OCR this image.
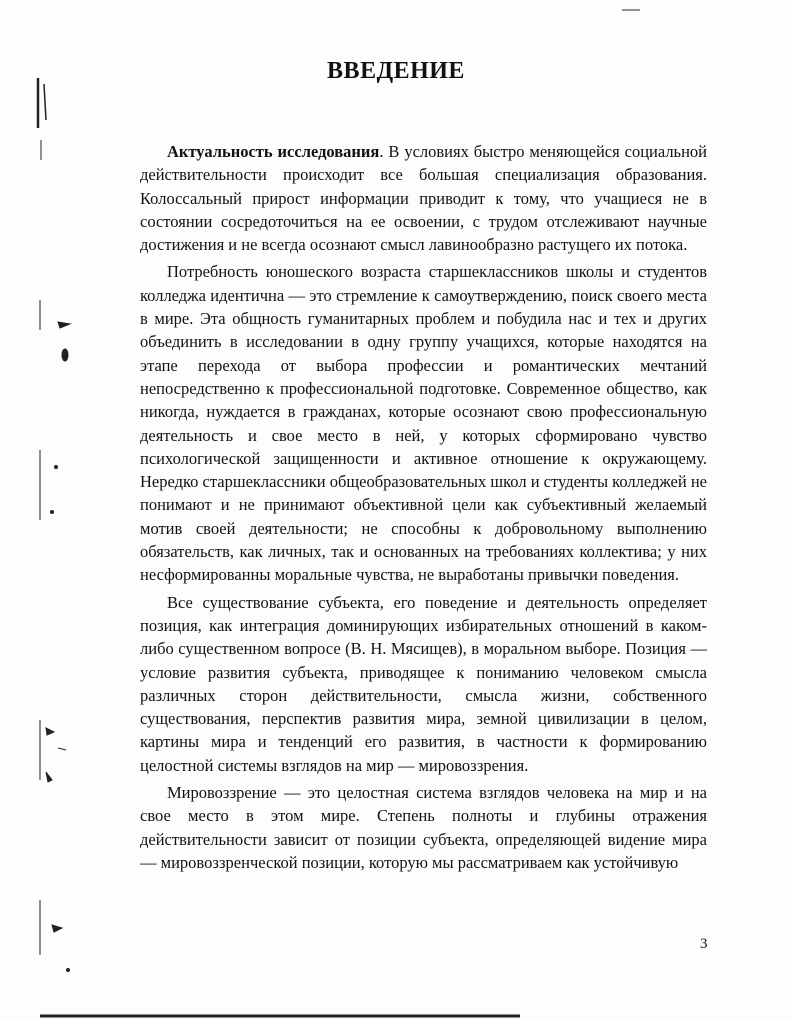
ВВЕДЕНИЕ

Актуальность исследования. В условиях быстро меняющейся социальной действительности происходит все большая специализация образования. Колоссальный прирост информации приводит к тому, что учащиеся не в состоянии сосредоточиться на ее освоении, с трудом отслеживают научные достижения и не всегда осознают смысл лавинообразно растущего их потока.

Потребность юношеского возраста старшеклассников школы и студентов колледжа идентична — это стремление к самоутверждению, поиск своего места в мире. Эта общность гуманитарных проблем и побудила нас и тех и других объединить в исследовании в одну группу учащихся, которые находятся на этапе перехода от выбора профессии и романтических мечтаний непосредственно к профессиональной подготовке. Современное общество, как никогда, нуждается в гражданах, которые осознают свою профессиональную деятельность и свое место в ней, у которых сформировано чувство психологической защищенности и активное отношение к окружающему. Нередко старшеклассники общеобразовательных школ и студенты колледжей не понимают и не принимают объективной цели как субъективный желаемый мотив своей деятельности; не способны к добровольному выполнению обязательств, как личных, так и основанных на требованиях коллектива; у них несформированны моральные чувства, не выработаны привычки поведения.

Все существование субъекта, его поведение и деятельность определяет позиция, как интеграция доминирующих избирательных отношений в каком-либо существенном вопросе (В. Н. Мясищев), в моральном выборе. Позиция — условие развития субъекта, приводящее к пониманию человеком смысла различных сторон действительности, смысла жизни, собственного существования, перспектив развития мира, земной цивилизации в целом, картины мира и тенденций его развития, в частности к формированию целостной системы взглядов на мир — мировоззрения.

Мировоззрение — это целостная система взглядов человека на мир и на свое место в этом мире. Степень полноты и глубины отражения действительности зависит от позиции субъекта, определяющей видение мира — мировоззренческой позиции, которую мы рассматриваем как устойчивую

3
